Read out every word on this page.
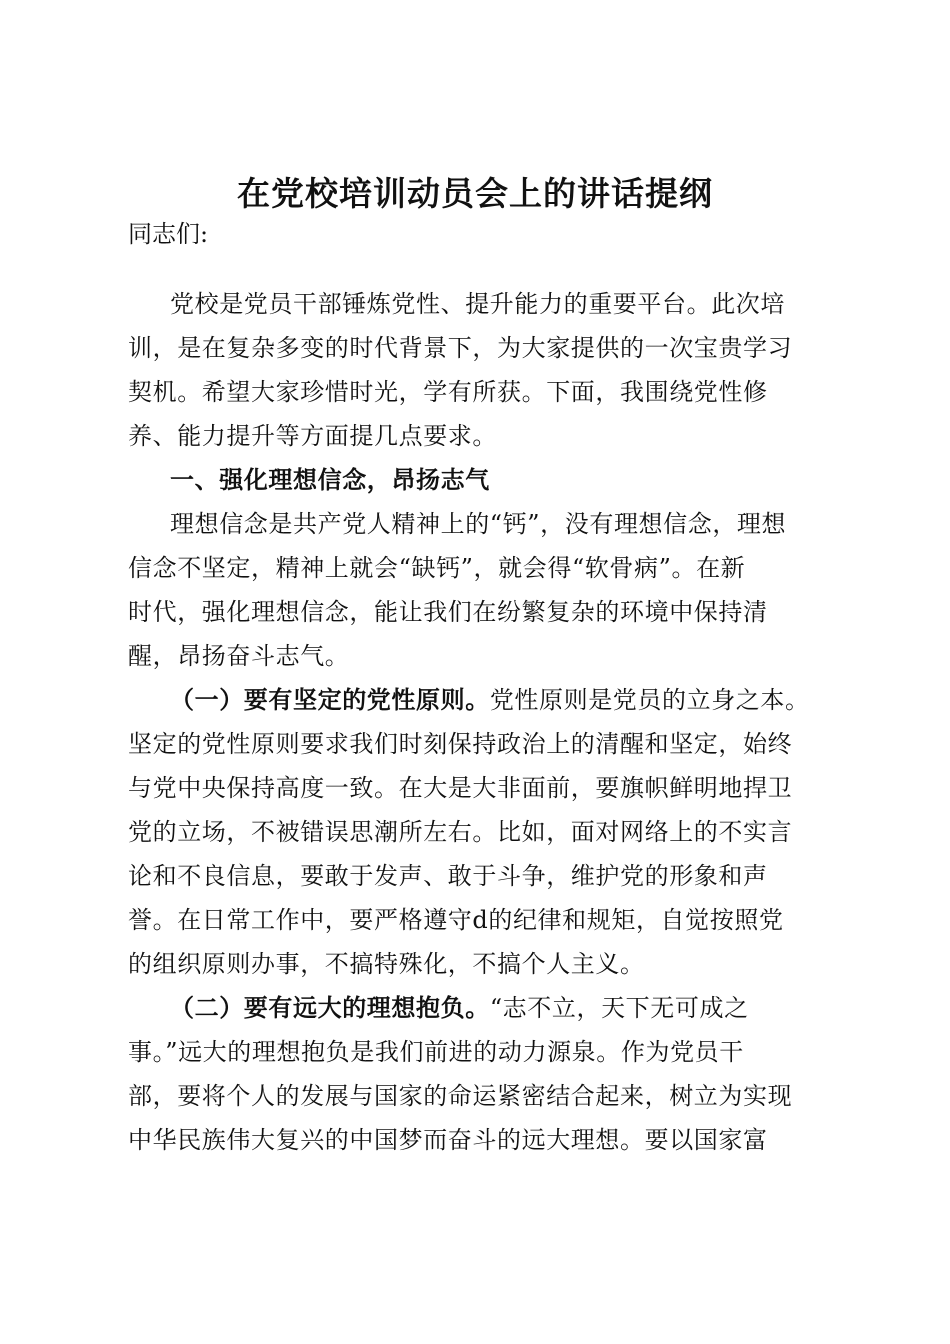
在党校培训动员会上的讲话提纲

同志们:

党校是党员干部锤炼党性、提升能力的重要平台。此次培
训，是在复杂多变的时代背景下，为大家提供的一次宝贵学习
契机。希望大家珍惜时光，学有所获。下面，我围绕党性修
养、能力提升等方面提几点要求。
一、强化理想信念，昂扬志气
理想信念是共产党人精神上的“钙”，没有理想信念，理想
信念不坚定，精神上就会“缺钙”，就会得“软骨病”。在新
时代，强化理想信念，能让我们在纷繁复杂的环境中保持清
醒，昂扬奋斗志气。
（一）要有坚定的党性原则。党性原则是党员的立身之本。
坚定的党性原则要求我们时刻保持政治上的清醒和坚定，始终
与党中央保持高度一致。在大是大非面前，要旗帜鲜明地捍卫
党的立场，不被错误思潮所左右。比如，面对网络上的不实言
论和不良信息，要敢于发声、敢于斗争，维护党的形象和声
誉。在日常工作中，要严格遵守d的纪律和规矩，自觉按照党
的组织原则办事，不搞特殊化，不搞个人主义。
（二）要有远大的理想抱负。“志不立，天下无可成之
事。”远大的理想抱负是我们前进的动力源泉。作为党员干
部，要将个人的发展与国家的命运紧密结合起来，树立为实现
中华民族伟大复兴的中国梦而奋斗的远大理想。要以国家富
